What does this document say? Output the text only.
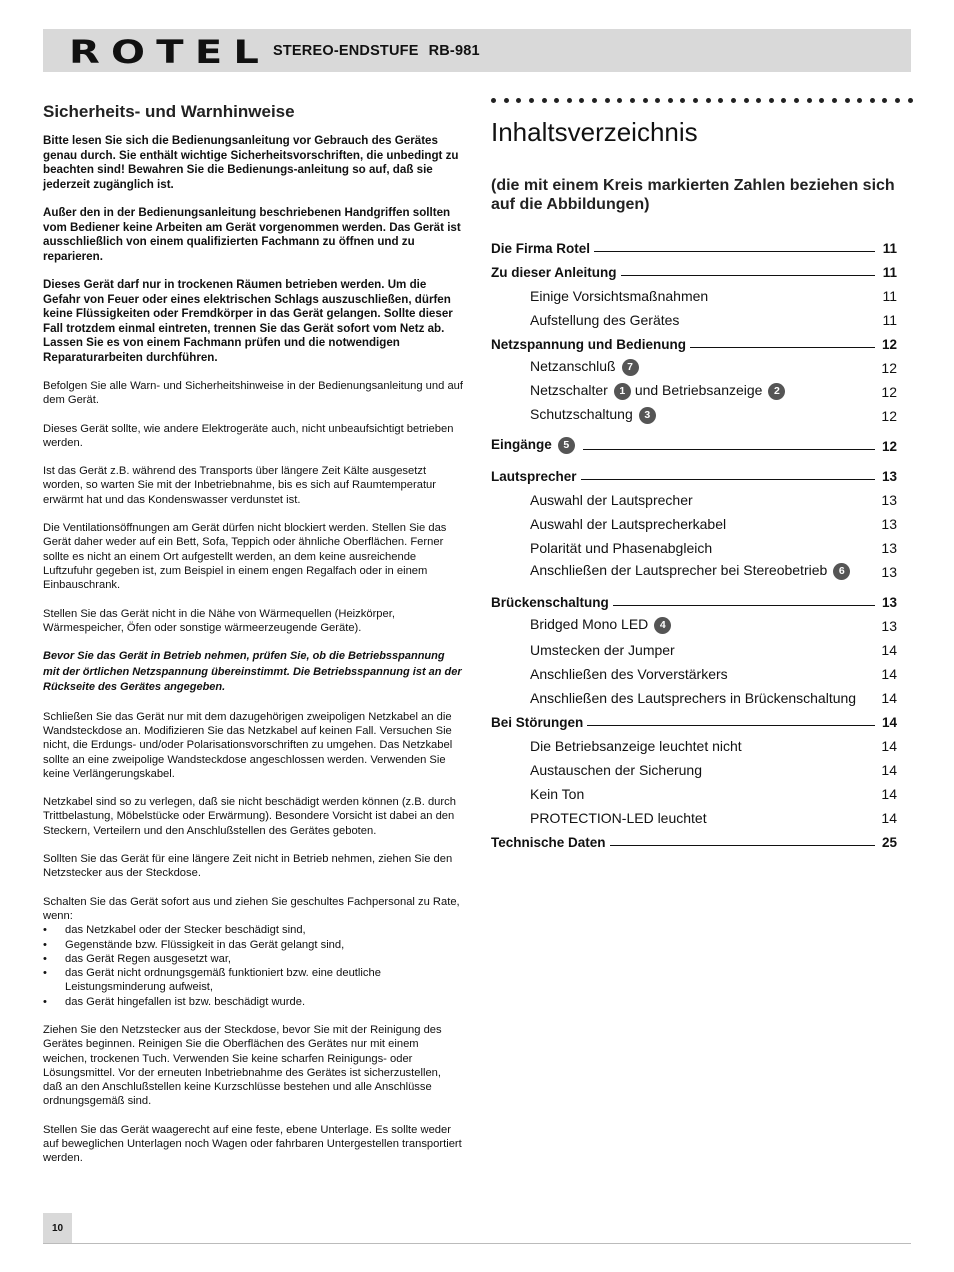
ROTEL STEREO-ENDSTUFE RB-981
Sicherheits- und Warnhinweise

Bitte lesen Sie sich die Bedienungsanleitung vor Gebrauch des Gerätes genau durch. Sie enthält wichtige Sicherheitsvorschriften, die unbedingt zu beachten sind! Bewahren Sie die Bedienungs-anleitung so auf, daß sie jederzeit zugänglich ist.

Außer den in der Bedienungsanleitung beschriebenen Handgriffen sollten vom Bediener keine Arbeiten am Gerät vorgenommen werden. Das Gerät ist ausschließlich von einem qualifizierten Fachmann zu öffnen und zu reparieren.

Dieses Gerät darf nur in trockenen Räumen betrieben werden. Um die Gefahr von Feuer oder eines elektrischen Schlags auszuschließen, dürfen keine Flüssigkeiten oder Fremdkörper in das Gerät gelangen. Sollte dieser Fall trotzdem einmal eintreten, trennen Sie das Gerät sofort vom Netz ab. Lassen Sie es von einem Fachmann prüfen und die notwendigen Reparaturarbeiten durchführen.

Befolgen Sie alle Warn- und Sicherheitshinweise in der Bedienungsanleitung und auf dem Gerät.

Dieses Gerät sollte, wie andere Elektrogeräte auch, nicht unbeaufsichtigt betrieben werden.

Ist das Gerät z.B. während des Transports über längere Zeit Kälte ausgesetzt worden, so warten Sie mit der Inbetriebnahme, bis es sich auf Raumtemperatur erwärmt hat und das Kondenswasser verdunstet ist.

Die Ventilationsöffnungen am Gerät dürfen nicht blockiert werden. Stellen Sie das Gerät daher weder auf ein Bett, Sofa, Teppich oder ähnliche Oberflächen. Ferner sollte es nicht an einem Ort aufgestellt werden, an dem keine ausreichende Luftzufuhr gegeben ist, zum Beispiel in einem engen Regalfach oder in einem Einbauschrank.

Stellen Sie das Gerät nicht in die Nähe von Wärmequellen (Heizkörper, Wärmespeicher, Öfen oder sonstige wärmeerzeugende Geräte).

Bevor Sie das Gerät in Betrieb nehmen, prüfen Sie, ob die Betriebsspannung mit der örtlichen Netzspannung übereinstimmt. Die Betriebsspannung ist an der Rückseite des Gerätes angegeben.

Schließen Sie das Gerät nur mit dem dazugehörigen zweipoligen Netzkabel an die Wandsteckdose an. Modifizieren Sie das Netzkabel auf keinen Fall. Versuchen Sie nicht, die Erdungs- und/oder Polarisationsvorschriften zu umgehen. Das Netzkabel sollte an eine zweipolige Wandsteckdose angeschlossen werden. Verwenden Sie keine Verlängerungskabel.

Netzkabel sind so zu verlegen, daß sie nicht beschädigt werden können (z.B. durch Trittbelastung, Möbelstücke oder Erwärmung). Besondere Vorsicht ist dabei an den Steckern, Verteilern und den Anschlußstellen des Gerätes geboten.

Sollten Sie das Gerät für eine längere Zeit nicht in Betrieb nehmen, ziehen Sie den Netzstecker aus der Steckdose.

Schalten Sie das Gerät sofort aus und ziehen Sie geschultes Fachpersonal zu Rate, wenn:
• das Netzkabel oder der Stecker beschädigt sind,
• Gegenstände bzw. Flüssigkeit in das Gerät gelangt sind,
• das Gerät Regen ausgesetzt war,
• das Gerät nicht ordnungsgemäß funktioniert bzw. eine deutliche Leistungsminderung aufweist,
• das Gerät hingefallen ist bzw. beschädigt wurde.

Ziehen Sie den Netzstecker aus der Steckdose, bevor Sie mit der Reinigung des Gerätes beginnen. Reinigen Sie die Oberflächen des Gerätes nur mit einem weichen, trockenen Tuch. Verwenden Sie keine scharfen Reinigungs- oder Lösungsmittel. Vor der erneuten Inbetriebnahme des Gerätes ist sicherzustellen, daß an den Anschlußstellen keine Kurzschlüsse bestehen und alle Anschlüsse ordnungsgemäß sind.

Stellen Sie das Gerät waagerecht auf eine feste, ebene Unterlage. Es sollte weder auf beweglichen Unterlagen noch Wagen oder fahrbaren Untergestellen transportiert werden.

Inhaltsverzeichnis
(die mit einem Kreis markierten Zahlen beziehen sich auf die Abbildungen)
Die Firma Rotel	11
Zu dieser Anleitung	11
Einige Vorsichtsmaßnahmen	11
Aufstellung des Gerätes	11
Netzspannung und Bedienung	12
Netzanschluß 7	12
Netzschalter 1 und Betriebsanzeige 2	12
Schutzschaltung 3	12
Eingänge 5	12
Lautsprecher	13
Auswahl der Lautsprecher	13
Auswahl der Lautsprecherkabel	13
Polarität und Phasenabgleich	13
Anschließen der Lautsprecher bei Stereobetrieb 6	13
Brückenschaltung	13
Bridged Mono LED 4	13
Umstecken der Jumper	14
Anschließen des Vorverstärkers	14
Anschließen des Lautsprechers in Brückenschaltung 14
Bei Störungen	14
Die Betriebsanzeige leuchtet nicht	14
Austauschen der Sicherung	14
Kein Ton	14
PROTECTION-LED leuchtet	14
Technische Daten	25
10
